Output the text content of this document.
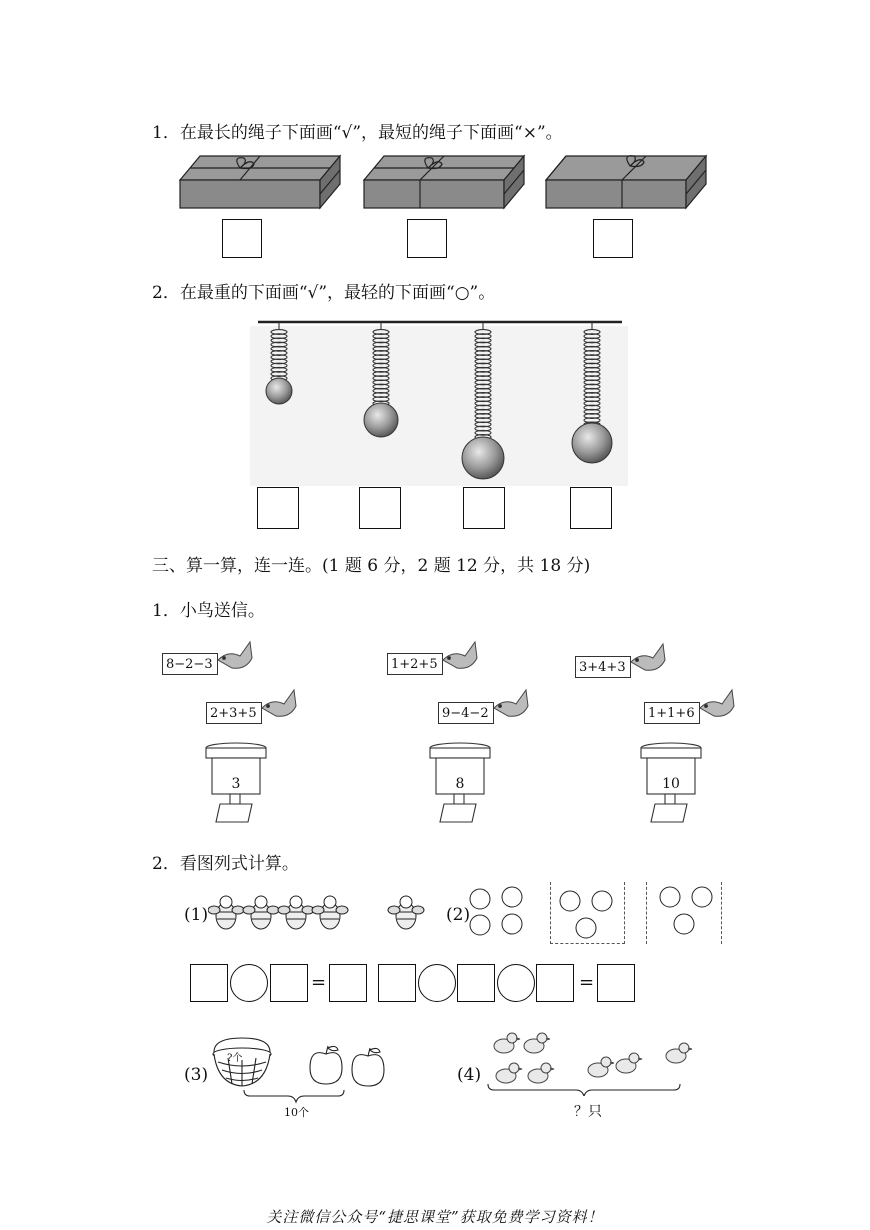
1．在最长的绳子下面画“√”，最短的绳子下面画“×”。
2．在最重的下面画“√”，最轻的下面画“○”。
三、算一算，连一连。(1 题 6 分，2 题 12 分，共 18 分)
1．小鸟送信。
8−2−3
2+3+5
1+2+5
9−4−2
3+4+3
1+1+6
3	8	10
2．看图列式计算。
(1)	(2)
=	=
(3)
?个
10个
(4)
？只
关注微信公众号“捷思课堂”获取免费学习资料！
